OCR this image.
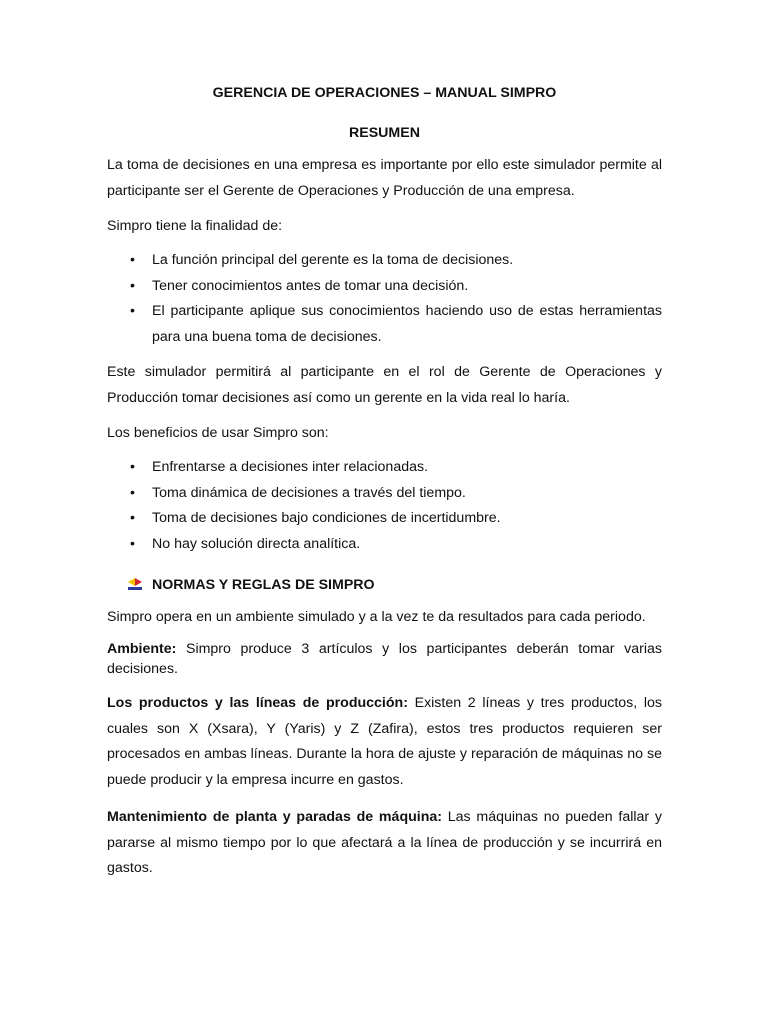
GERENCIA DE OPERACIONES – MANUAL SIMPRO
RESUMEN

La toma de decisiones en una empresa es importante por ello este simulador permite al participante ser el Gerente de Operaciones y Producción de una empresa.

Simpro tiene la finalidad de:

• La función principal del gerente es la toma de decisiones.
• Tener conocimientos antes de tomar una decisión.
• El participante aplique sus conocimientos haciendo uso de estas herramientas para una buena toma de decisiones.

Este simulador permitirá al participante en el rol de Gerente de Operaciones y Producción tomar decisiones así como un gerente en la vida real lo haría.

Los beneficios de usar Simpro son:

• Enfrentarse a decisiones inter relacionadas.
• Toma dinámica de decisiones a través del tiempo.
• Toma de decisiones bajo condiciones de incertidumbre.
• No hay solución directa analítica.
NORMAS Y REGLAS DE SIMPRO

Simpro opera en un ambiente simulado y a la vez te da resultados para cada periodo.

Ambiente: Simpro produce 3 artículos y los participantes deberán tomar varias decisiones.

Los productos y las líneas de producción: Existen 2 líneas y tres productos, los cuales son X (Xsara), Y (Yaris) y Z (Zafira), estos tres productos requieren ser procesados en ambas líneas. Durante la hora de ajuste y reparación de máquinas no se puede producir y la empresa incurre en gastos.

Mantenimiento de planta y paradas de máquina: Las máquinas no pueden fallar y pararse al mismo tiempo por lo que afectará a la línea de producción y se incurrirá en gastos.
